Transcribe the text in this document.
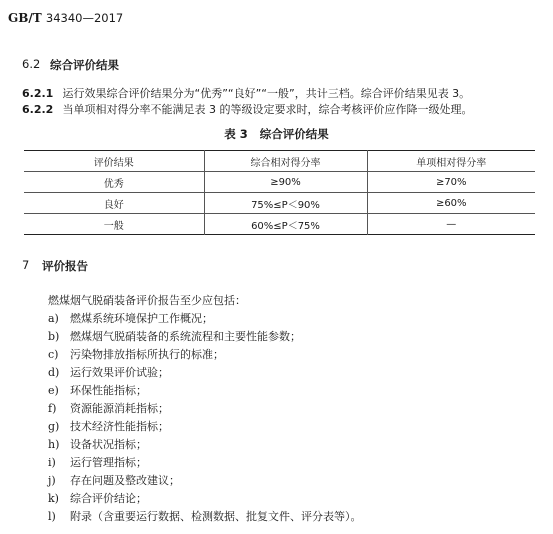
GB/T 34340—2017
6.2 综合评价结果
6.2.1 运行效果综合评价结果分为“优秀”“良好”“一般”，共计三档。综合评价结果见表 3。
6.2.2 当单项相对得分率不能满足表 3 的等级设定要求时，综合考核评价应作降一级处理。
表 3   综合评价结果
评价结果	综合相对得分率	单项相对得分率
优秀	≥90%	≥70%
良好	75%≤P＜90%	≥60%
一般	60%≤P＜75%	—
7 评价报告
燃煤烟气脱硝装备评价报告至少应包括：
a) 燃煤系统环境保护工作概况；
b) 燃煤烟气脱硝装备的系统流程和主要性能参数；
c) 污染物排放指标所执行的标准；
d) 运行效果评价试验；
e) 环保性能指标；
f) 资源能源消耗指标；
g) 技术经济性能指标；
h) 设备状况指标；
i) 运行管理指标；
j) 存在问题及整改建议；
k) 综合评价结论；
l) 附录（含重要运行数据、检测数据、批复文件、评分表等）。
